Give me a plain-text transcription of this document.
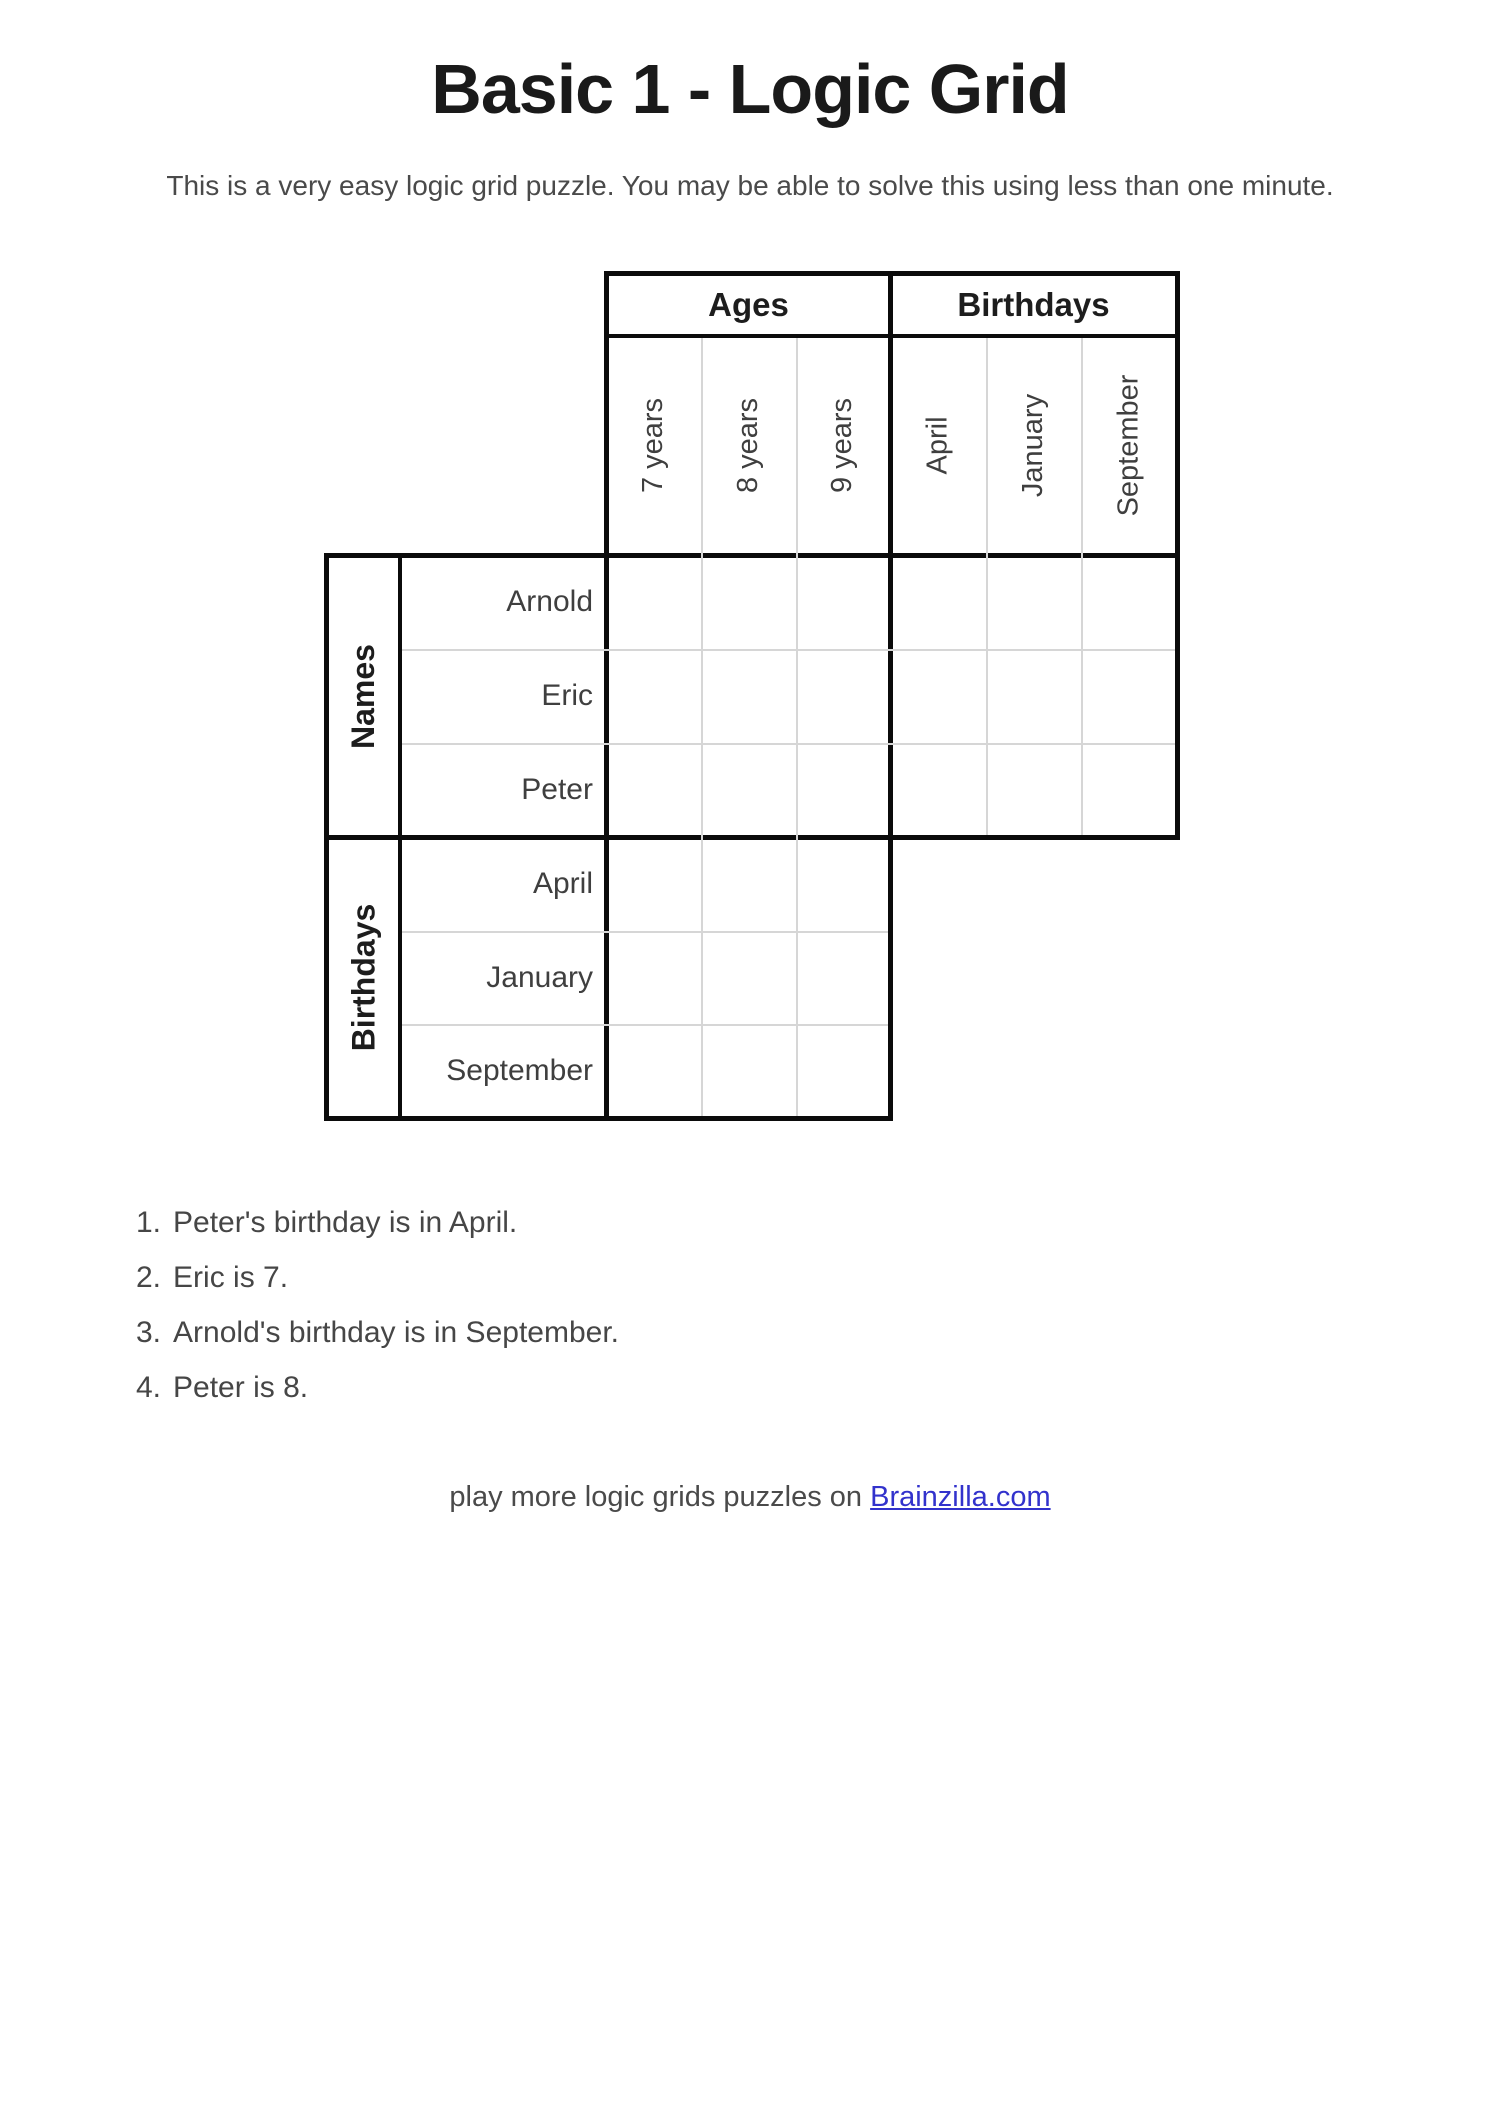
Basic 1 - Logic Grid
This is a very easy logic grid puzzle. You may be able to solve this using less than one minute.
Ages	Birthdays
7 years 8 years 9 years April January September
Names
Birthdays
Arnold
Eric
Peter
April
January
September
1. Peter's birthday is in April.
2. Eric is 7.
3. Arnold's birthday is in September.
4. Peter is 8.
play more logic grids puzzles on Brainzilla.com
